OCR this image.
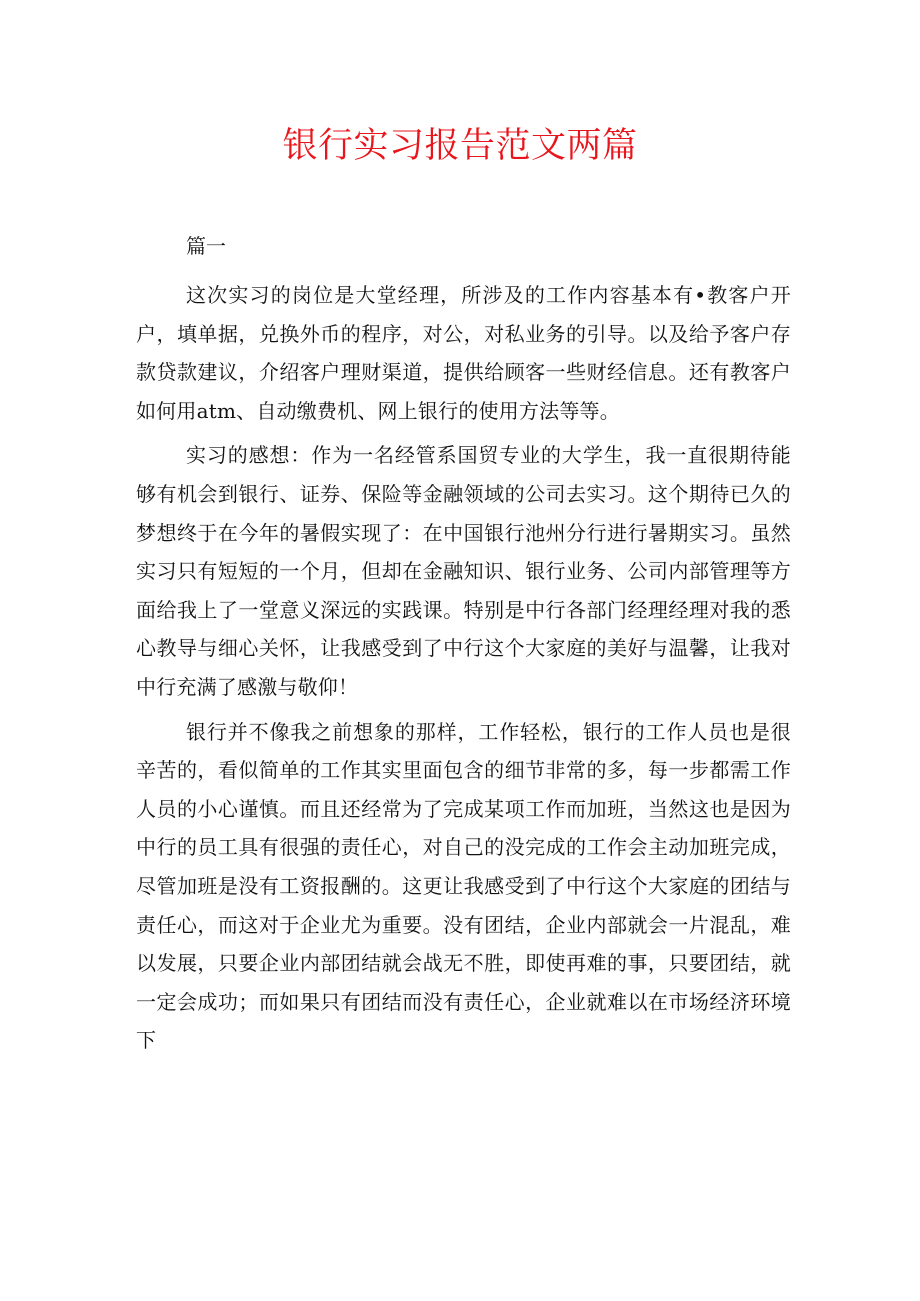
银行实习报告范文两篇

篇一

这次实习的岗位是大堂经理，所涉及的工作内容基本有•教客户开户，填单据，兑换外币的程序，对公，对私业务的引导。以及给予客户存款贷款建议，介绍客户理财渠道，提供给顾客一些财经信息。还有教客户如何用atm、自动缴费机、网上银行的使用方法等等。

实习的感想：作为一名经管系国贸专业的大学生，我一直很期待能够有机会到银行、证券、保险等金融领域的公司去实习。这个期待已久的梦想终于在今年的暑假实现了：在中国银行池州分行进行暑期实习。虽然实习只有短短的一个月，但却在金融知识、银行业务、公司内部管理等方面给我上了一堂意义深远的实践课。特别是中行各部门经理经理对我的悉心教导与细心关怀，让我感受到了中行这个大家庭的美好与温馨，让我对中行充满了感激与敬仰！

银行并不像我之前想象的那样，工作轻松，银行的工作人员也是很辛苦的，看似简单的工作其实里面包含的细节非常的多，每一步都需工作人员的小心谨慎。而且还经常为了完成某项工作而加班，当然这也是因为中行的员工具有很强的责任心，对自己的没完成的工作会主动加班完成，尽管加班是没有工资报酬的。这更让我感受到了中行这个大家庭的团结与责任心，而这对于企业尤为重要。没有团结，企业内部就会一片混乱，难以发展，只要企业内部团结就会战无不胜，即使再难的事，只要团结，就一定会成功；而如果只有团结而没有责任心，企业就难以在市场经济环境下
